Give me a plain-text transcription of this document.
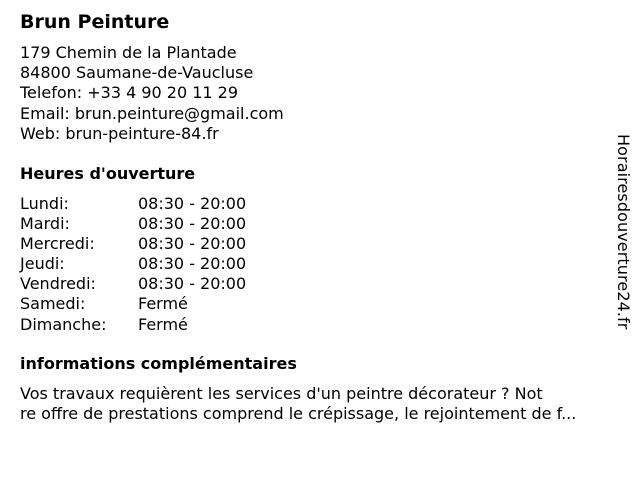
Brun Peinture
179 Chemin de la Plantade
84800 Saumane-de-Vaucluse
Telefon: +33 4 90 20 11 29
Email: brun.peinture@gmail.com
Web: brun-peinture-84.fr
Heures d'ouverture
Lundi:	08:30 - 20:00
Mardi:	08:30 - 20:00
Mercredi:	08:30 - 20:00
Jeudi:	08:30 - 20:00
Vendredi:	08:30 - 20:00
Samedi:	Fermé
Dimanche: Fermé
informations complémentaires
Vos travaux requièrent les services d'un peintre décorateur ? Not
re offre de prestations comprend le crépissage, le rejointement de f...
Horairesdouverture24.fr
